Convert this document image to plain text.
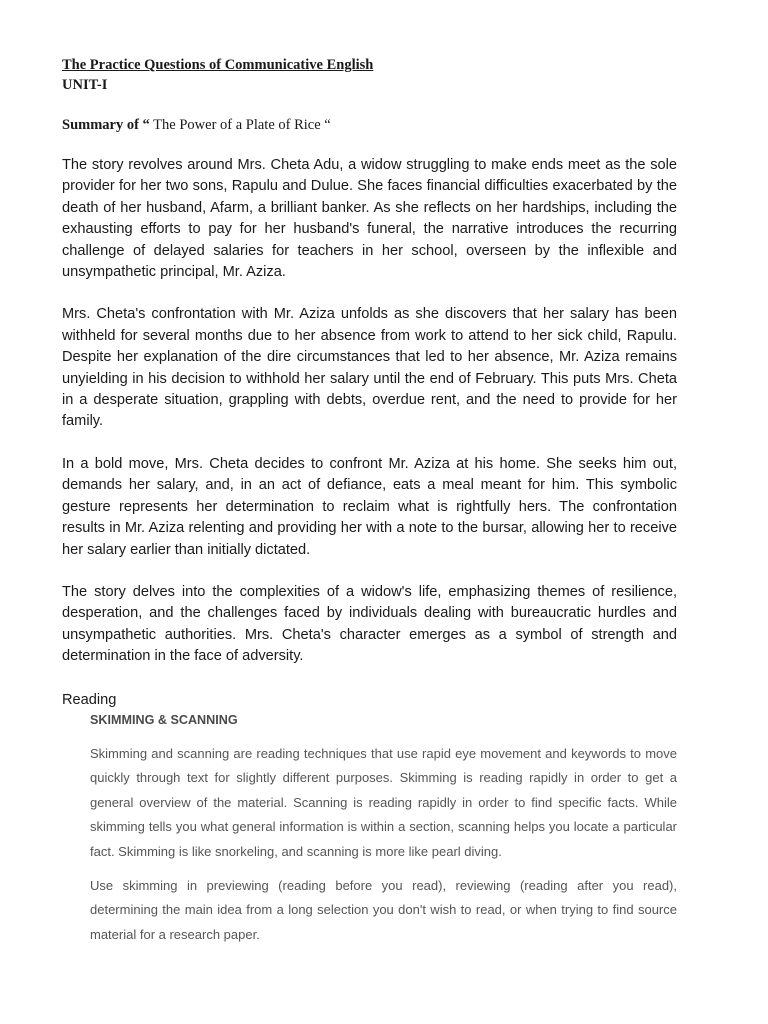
The Practice Questions of Communicative English

UNIT-I

Summary of “ The Power of a Plate of Rice “

The story revolves around Mrs. Cheta Adu, a widow struggling to make ends meet as the sole provider for her two sons, Rapulu and Dulue. She faces financial difficulties exacerbated by the death of her husband, Afarm, a brilliant banker. As she reflects on her hardships, including the exhausting efforts to pay for her husband's funeral, the narrative introduces the recurring challenge of delayed salaries for teachers in her school, overseen by the inflexible and unsympathetic principal, Mr. Aziza.

Mrs. Cheta's confrontation with Mr. Aziza unfolds as she discovers that her salary has been withheld for several months due to her absence from work to attend to her sick child, Rapulu. Despite her explanation of the dire circumstances that led to her absence, Mr. Aziza remains unyielding in his decision to withhold her salary until the end of February. This puts Mrs. Cheta in a desperate situation, grappling with debts, overdue rent, and the need to provide for her family.

In a bold move, Mrs. Cheta decides to confront Mr. Aziza at his home. She seeks him out, demands her salary, and, in an act of defiance, eats a meal meant for him. This symbolic gesture represents her determination to reclaim what is rightfully hers. The confrontation results in Mr. Aziza relenting and providing her with a note to the bursar, allowing her to receive her salary earlier than initially dictated.

The story delves into the complexities of a widow's life, emphasizing themes of resilience, desperation, and the challenges faced by individuals dealing with bureaucratic hurdles and unsympathetic authorities. Mrs. Cheta's character emerges as a symbol of strength and determination in the face of adversity.

Reading

SKIMMING & SCANNING

Skimming and scanning are reading techniques that use rapid eye movement and keywords to move quickly through text for slightly different purposes. Skimming is reading rapidly in order to get a general overview of the material. Scanning is reading rapidly in order to find specific facts. While skimming tells you what general information is within a section, scanning helps you locate a particular fact. Skimming is like snorkeling, and scanning is more like pearl diving.

Use skimming in previewing (reading before you read), reviewing (reading after you read), determining the main idea from a long selection you don't wish to read, or when trying to find source material for a research paper.
